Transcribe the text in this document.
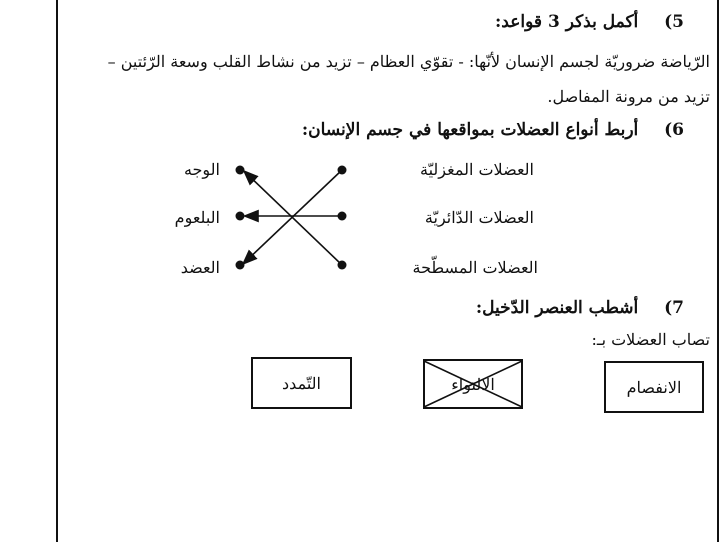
5)  أكمل بذكر 3 قواعد:
الرّياضة ضروريّة لجسم الإنسان لأنّها: - تقوّي العظام – تزيد من نشاط القلب وسعة الرّئتين –
تزيد من مرونة المفاصل.
6)  أربط أنواع العضلات بمواقعها في جسم الإنسان:
العضلات المغزليّة
العضلات الدّائريّة
العضلات المسطّحة
الوجه
البلعوم
العضد
7)  أشطب العنصر الدّخيل:
تصاب العضلات بـ:
الانفصام
الالتواء
التّمدد
